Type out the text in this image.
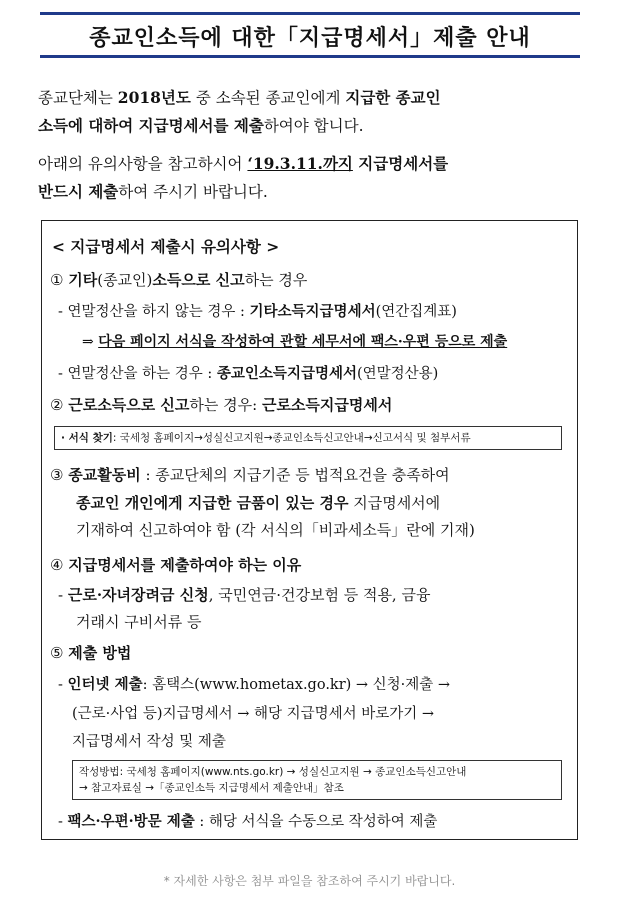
종교인소득에 대한「지급명세서」제출 안내
종교단체는 2018년도 중 소속된 종교인에게 지급한 종교인
소득에 대하여 지급명세서를 제출하여야 합니다.
아래의 유의사항을 참고하시어 ‘19.3.11.까지 지급명세서를
반드시 제출하여 주시기 바랍니다.
< 지급명세서 제출시 유의사항 >
① 기타(종교인)소득으로 신고하는 경우
- 연말정산을 하지 않는 경우 : 기타소득지급명세서(연간집계표)
⇒ 다음 페이지 서식을 작성하여 관할 세무서에 팩스·우편 등으로 제출
- 연말정산을 하는 경우 : 종교인소득지급명세서(연말정산용)
② 근로소득으로 신고하는 경우: 근로소득지급명세서
· 서식 찾기: 국세청 홈페이지→성실신고지원→종교인소득신고안내→신고서식 및 첨부서류
③ 종교활동비 : 종교단체의 지급기준 등 법적요건을 충족하여
종교인 개인에게 지급한 금품이 있는 경우 지급명세서에
기재하여 신고하여야 함 (각 서식의「비과세소득」란에 기재)
④ 지급명세서를 제출하여야 하는 이유
- 근로·자녀장려금 신청, 국민연금·건강보험 등 적용, 금융
거래시 구비서류 등
⑤ 제출 방법
- 인터넷 제출: 홈택스(www.hometax.go.kr) → 신청·제출 →
(근로·사업 등)지급명세서 → 해당 지급명세서 바로가기 →
지급명세서 작성 및 제출
작성방법: 국세청 홈페이지(www.nts.go.kr) → 성실신고지원 → 종교인소득신고안내
→ 참고자료실 →「종교인소득 지급명세서 제출안내」참조
- 팩스·우편·방문 제출 : 해당 서식을 수동으로 작성하여 제출
* 자세한 사항은 첨부 파일을 참조하여 주시기 바랍니다.
